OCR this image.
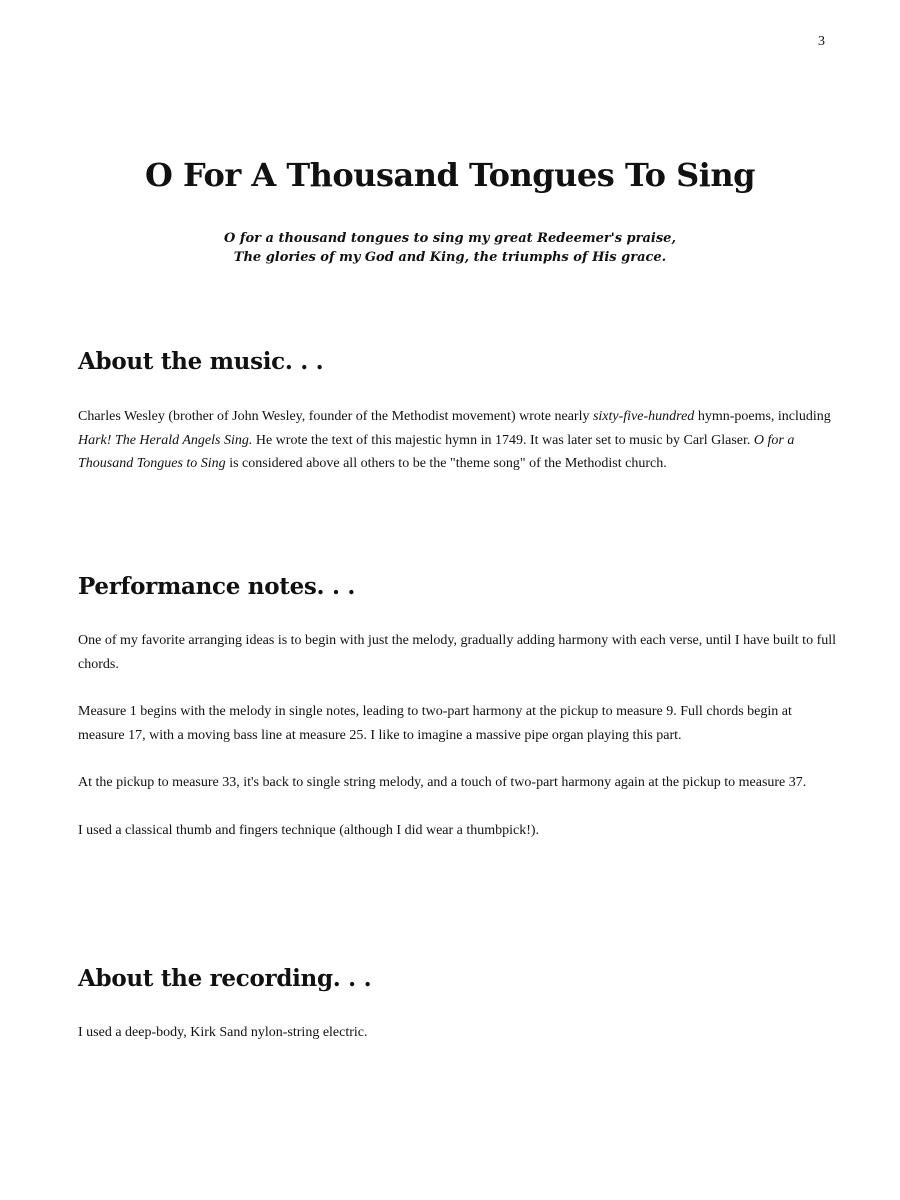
3
O For A Thousand Tongues To Sing
O for a thousand tongues to sing my great Redeemer's praise,
The glories of my God and King, the triumphs of His grace.
About the music. . .

Charles Wesley (brother of John Wesley, founder of the Methodist movement) wrote nearly sixty-five-hundred hymn-poems, including Hark! The Herald Angels Sing. He wrote the text of this majestic hymn in 1749. It was later set to music by Carl Glaser. O for a Thousand Tongues to Sing is considered above all others to be the "theme song" of the Methodist church.

Performance notes. . .

One of my favorite arranging ideas is to begin with just the melody, gradually adding harmony with each verse, until I have built to full chords.

Measure 1 begins with the melody in single notes, leading to two-part harmony at the pickup to measure 9. Full chords begin at measure 17, with a moving bass line at measure 25. I like to imagine a massive pipe organ playing this part.

At the pickup to measure 33, it's back to single string melody, and a touch of two-part harmony again at the pickup to measure 37.

I used a classical thumb and fingers technique (although I did wear a thumbpick!).

About the recording. . .

I used a deep-body, Kirk Sand nylon-string electric.
